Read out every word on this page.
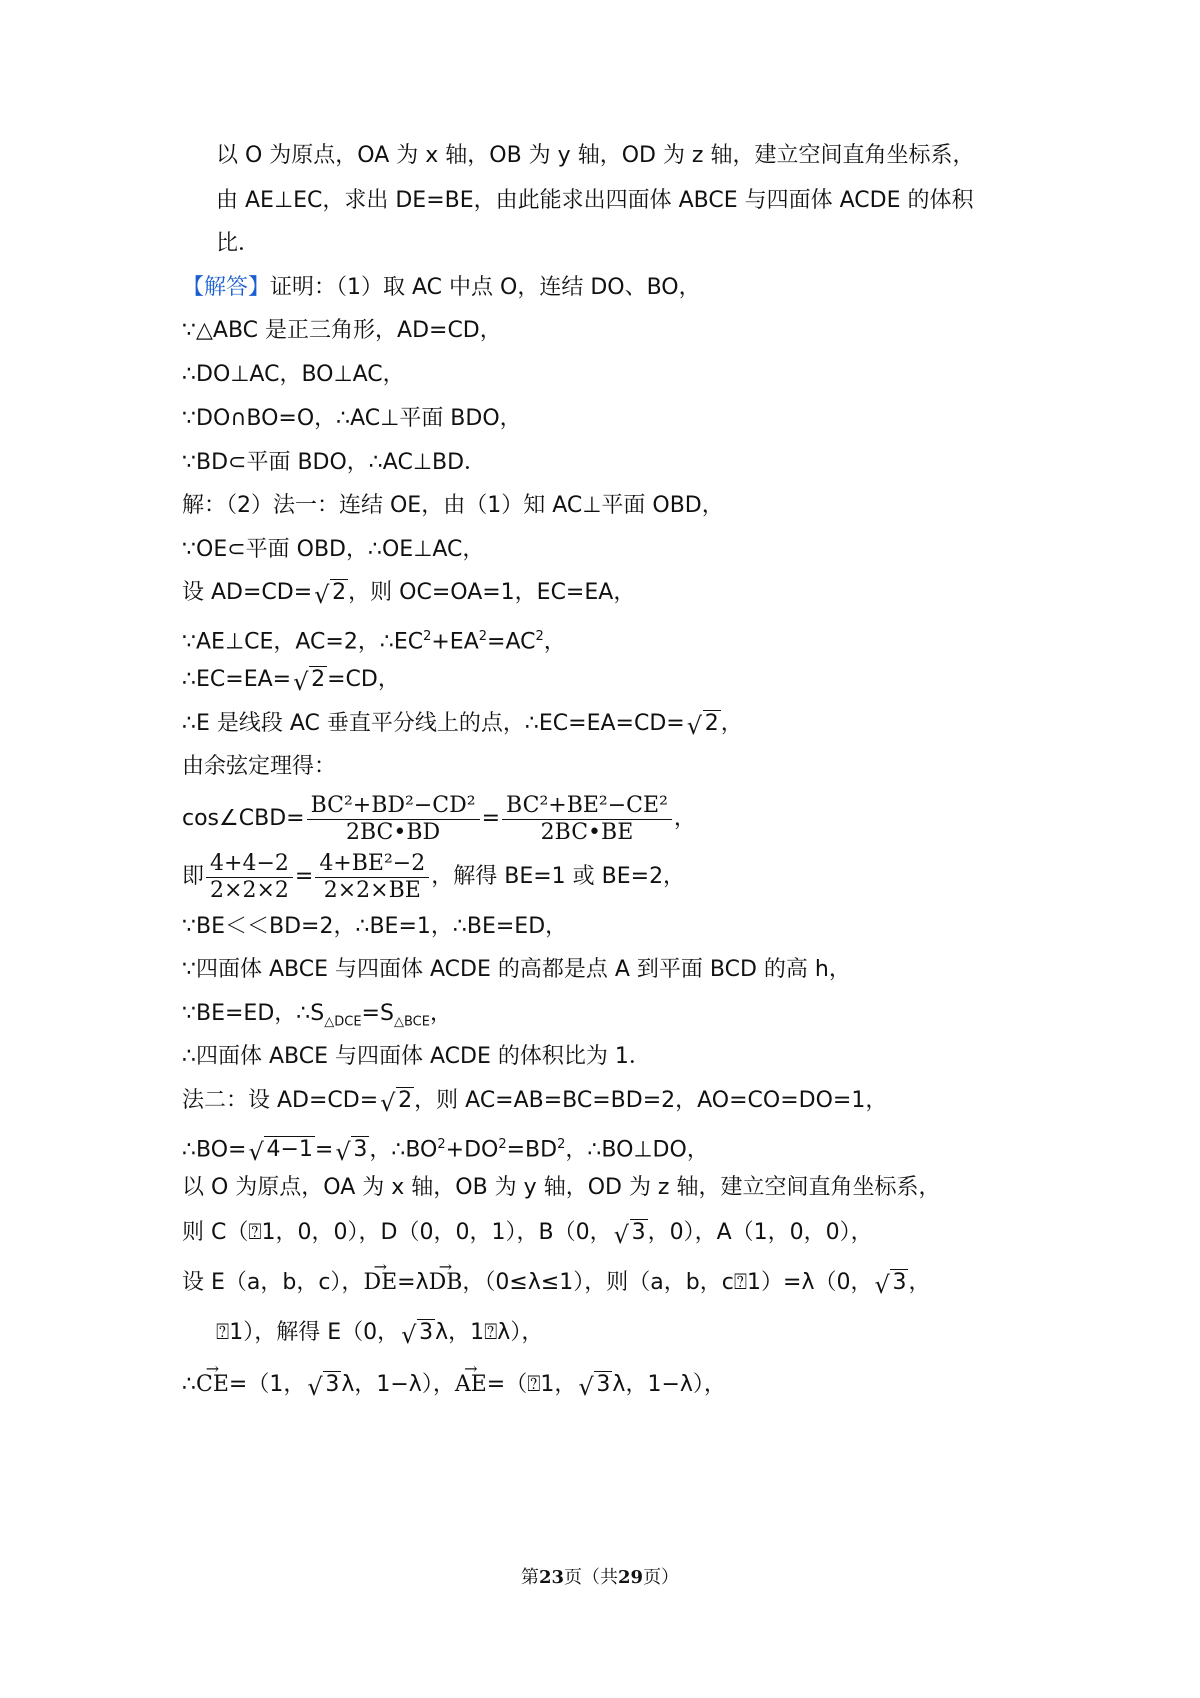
以 O 为原点，OA 为 x 轴，OB 为 y 轴，OD 为 z 轴，建立空间直角坐标系，
由 AE⊥EC，求出 DE=BE，由此能求出四面体 ABCE 与四面体 ACDE 的体积
比．
【解答】证明：（1）取 AC 中点 O，连结 DO、BO，
∵△ABC 是正三角形，AD=CD，
∴DO⊥AC，BO⊥AC，
∵DO∩BO=O，∴AC⊥平面 BDO，
∵BD⊂平面 BDO，∴AC⊥BD．
解：（2）法一：连结 OE，由（1）知 AC⊥平面 OBD，
∵OE⊂平面 OBD，∴OE⊥AC，
设 AD=CD= √ 2，则 OC=OA=1，EC=EA，
∵AE⊥CE，AC=2，$\therefore EC^2+EA^2=AC^2$，
∴EC=EA= √ 2=CD，
∴E 是线段 AC 垂直平分线上的点，∴EC=EA=CD= √ 2，
由余弦定理得：
cos∠CBD= $\frac{\text{BC²+BD²−CD²}}{2BC•BD} = \frac{\text{BC²+BE²−CE²}}{2BC•BE}$ ，
即 $\frac{4+4-2}{2\times 2\times 2} = \frac{\text{4+BE²−2}}{2\times 2\times BE}$ ，解得 BE=1 或 BE=2，
∵BE＜＜BD=2，∴BE=1，∴BE=ED，
∵四面体 ABCE 与四面体 ACDE 的高都是点 A 到平面 BCD 的高 h，
∵BE=ED，$\therefore S_{\triangle DCE}=S_{\triangle BCE}$，
∴四面体 ABCE 与四面体 ACDE 的体积比为 1．
法二：设 AD=CD= √ 2，则 AC=AB=BC=BD=2，AO=CO=DO=1，
∴BO= √ 4−1= √ 3，$\therefore BO^2+DO^2=BD^2$，∴BO⊥DO，
以 O 为原点，OA 为 x 轴，OB 为 y 轴，OD 为 z 轴，建立空间直角坐标系，
则 C（⍰1，0，0），D（0，0，1），B（0， √ 3，0），A（1，0，0），
设 E（a，b，c），→ DE=λ→ DB，（0≤λ≤1），则（a，b，c⍰1）=λ（0， √ 3，
⍰1），解得 E（0， √ 3λ，1⍰λ），
∴→ CE=（1， √ 3λ，1−λ），→ AE=（⍰1， √ 3λ，1−λ），
第23页（共29页）
